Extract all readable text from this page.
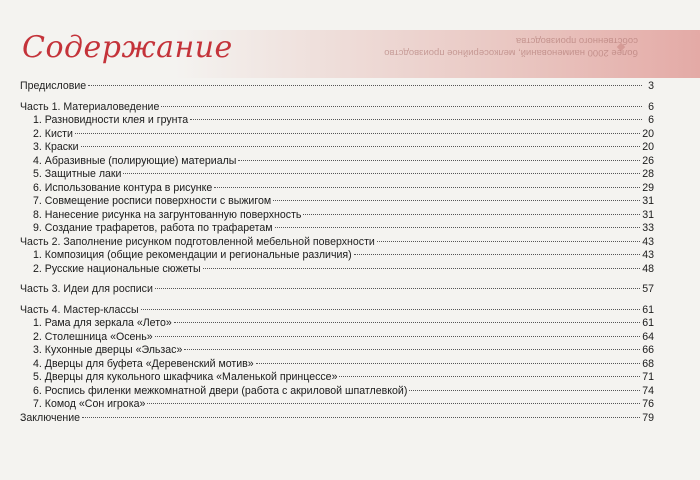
более 2000 наименований, мелкосерийное производство собственного производства
Содержание
Предисловие	3
Часть 1. Материаловедение	6
1. Разновидности клея и грунта	6
2. Кисти	20
3. Краски	20
4. Абразивные (полирующие) материалы	26
5. Защитные лаки	28
6. Использование контура в рисунке	29
7. Совмещение росписи поверхности с выжигом	31
8. Нанесение рисунка на загрунтованную поверхность	31
9. Создание трафаретов, работа по трафаретам	33
Часть 2. Заполнение рисунком подготовленной мебельной поверхности	43
1. Композиция (общие рекомендации и региональные различия)	43
2. Русские национальные сюжеты	48
Часть 3. Идеи для росписи	57
Часть 4. Мастер-классы	61
1. Рама для зеркала «Лето»	61
2. Столешница «Осень»	64
3. Кухонные дверцы «Эльзас»	66
4. Дверцы для буфета «Деревенский мотив»	68
5. Дверцы для кукольного шкафчика «Маленькой принцессе»	71
6. Роспись филенки межкомнатной двери (работа с акриловой шпатлевкой)	74
7. Комод «Сон игрока»	76
Заключение	79
